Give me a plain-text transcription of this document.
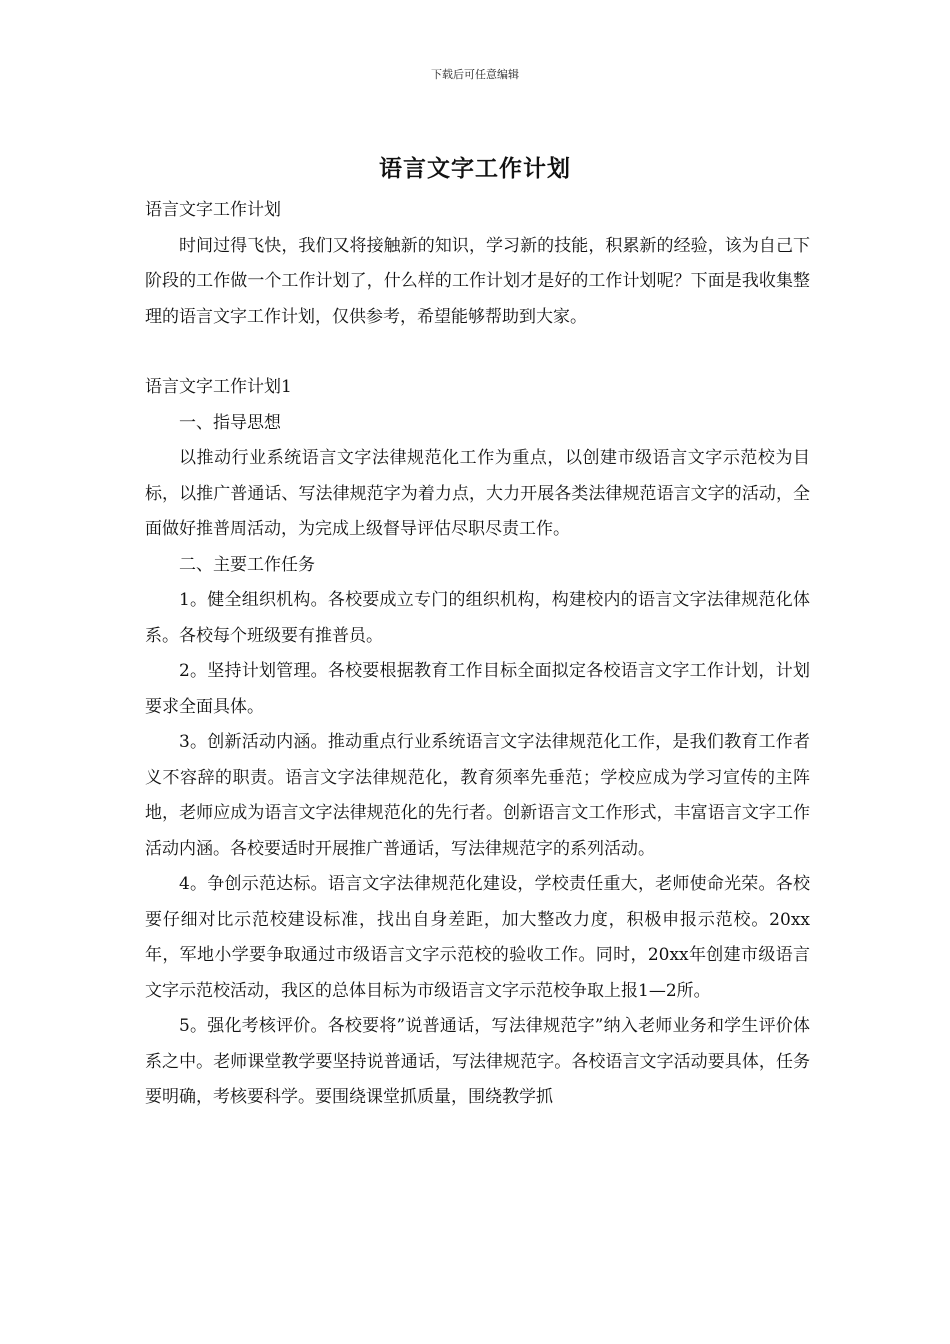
下载后可任意编辑
语言文字工作计划

语言文字工作计划

时间过得飞快，我们又将接触新的知识，学习新的技能，积累新的经验，该为自己下阶段的工作做一个工作计划了，什么样的工作计划才是好的工作计划呢？下面是我收集整理的语言文字工作计划，仅供参考，希望能够帮助到大家。

语言文字工作计划1

一、指导思想

以推动行业系统语言文字法律规范化工作为重点，以创建市级语言文字示范校为目标，以推广普通话、写法律规范字为着力点，大力开展各类法律规范语言文字的活动，全面做好推普周活动，为完成上级督导评估尽职尽责工作。

二、主要工作任务

1。健全组织机构。各校要成立专门的组织机构，构建校内的语言文字法律规范化体系。各校每个班级要有推普员。

2。坚持计划管理。各校要根据教育工作目标全面拟定各校语言文字工作计划，计划要求全面具体。

3。创新活动内涵。推动重点行业系统语言文字法律规范化工作，是我们教育工作者义不容辞的职责。语言文字法律规范化，教育须率先垂范；学校应成为学习宣传的主阵地，老师应成为语言文字法律规范化的先行者。创新语言文工作形式，丰富语言文字工作活动内涵。各校要适时开展推广普通话，写法律规范字的系列活动。

4。争创示范达标。语言文字法律规范化建设，学校责任重大，老师使命光荣。各校要仔细对比示范校建设标准，找出自身差距，加大整改力度，积极申报示范校。20xx年，军地小学要争取通过市级语言文字示范校的验收工作。同时，20xx年创建市级语言文字示范校活动，我区的总体目标为市级语言文字示范校争取上报1—2所。

5。强化考核评价。各校要将”说普通话，写法律规范字”纳入老师业务和学生评价体系之中。老师课堂教学要坚持说普通话，写法律规范字。各校语言文字活动要具体，任务要明确，考核要科学。要围绕课堂抓质量，围绕教学抓
